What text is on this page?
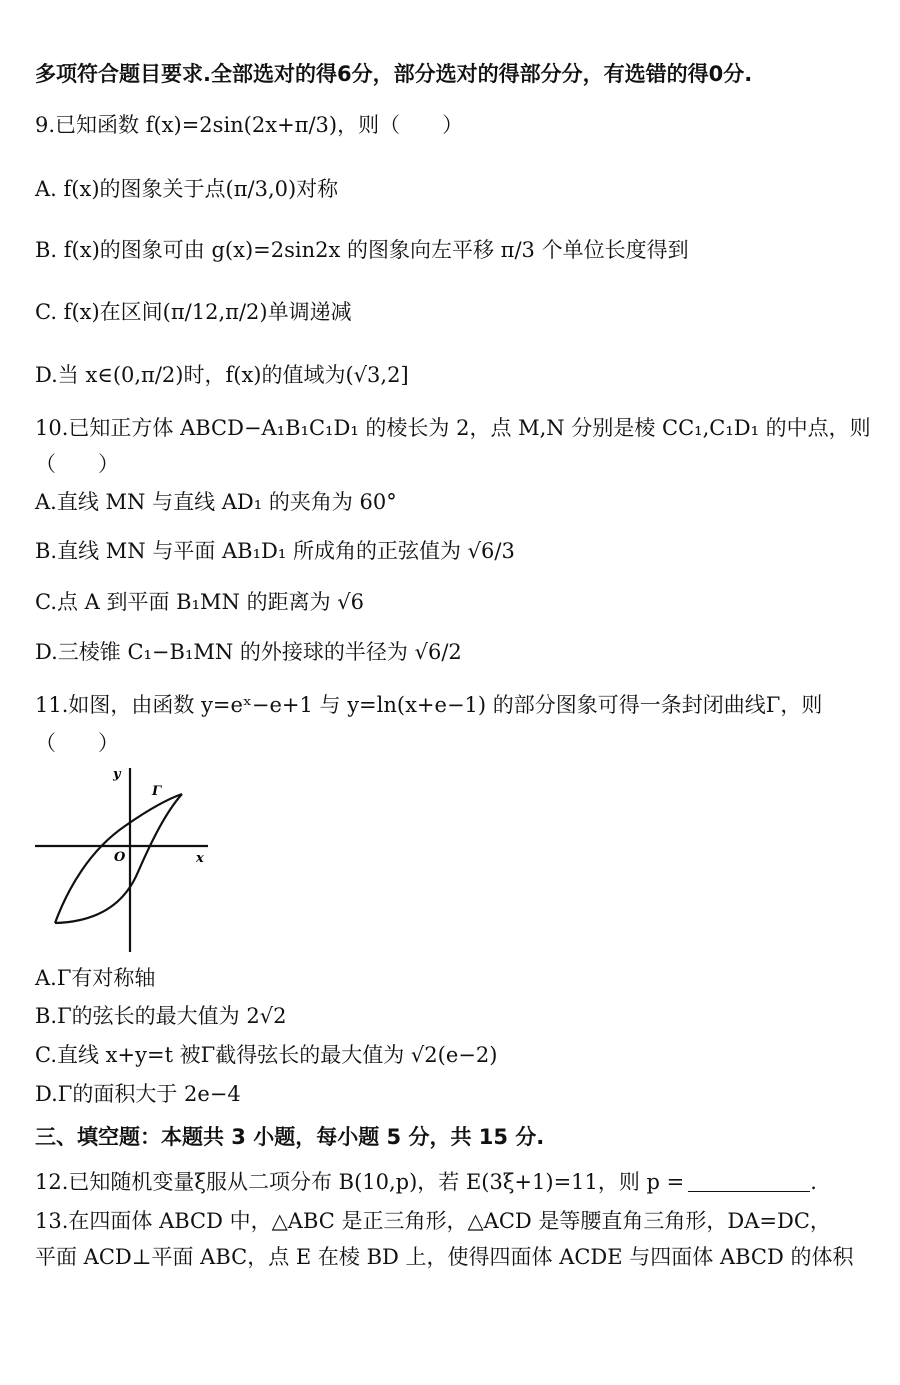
多项符合题目要求.全部选对的得6分，部分选对的得部分分，有选错的得0分.
9.已知函数 f(x)=2sin(2x+π/3)，则（　　）
A. f(x)的图象关于点(π/3,0)对称
B. f(x)的图象可由 g(x)=2sin2x 的图象向左平移 π/3 个单位长度得到
C. f(x)在区间(π/12,π/2)单调递减
D.当 x∈(0,π/2)时，f(x)的值域为(√3,2]
10.已知正方体 ABCD−A₁B₁C₁D₁ 的棱长为 2，点 M,N 分别是棱 CC₁,C₁D₁ 的中点，则
（　　）
A.直线 MN 与直线 AD₁ 的夹角为 60°
B.直线 MN 与平面 AB₁D₁ 所成角的正弦值为 √6/3
C.点 A 到平面 B₁MN 的距离为 √6
D.三棱锥 C₁−B₁MN 的外接球的半径为 √6/2
11.如图，由函数 y=eˣ−e+1 与 y=ln(x+e−1) 的部分图象可得一条封闭曲线Γ，则
（　　）
y
x
O
Γ
A.Γ有对称轴
B.Γ的弦长的最大值为 2√2
C.直线 x+y=t 被Γ截得弦长的最大值为 √2(e−2)
D.Γ的面积大于 2e−4
三、填空题：本题共 3 小题，每小题 5 分，共 15 分.
12.已知随机变量ξ服从二项分布 B(10,p)，若 E(3ξ+1)=11，则 p =	.
13.在四面体 ABCD 中，△ABC 是正三角形，△ACD 是等腰直角三角形，DA=DC，
平面 ACD⊥平面 ABC，点 E 在棱 BD 上，使得四面体 ACDE 与四面体 ABCD 的体积
